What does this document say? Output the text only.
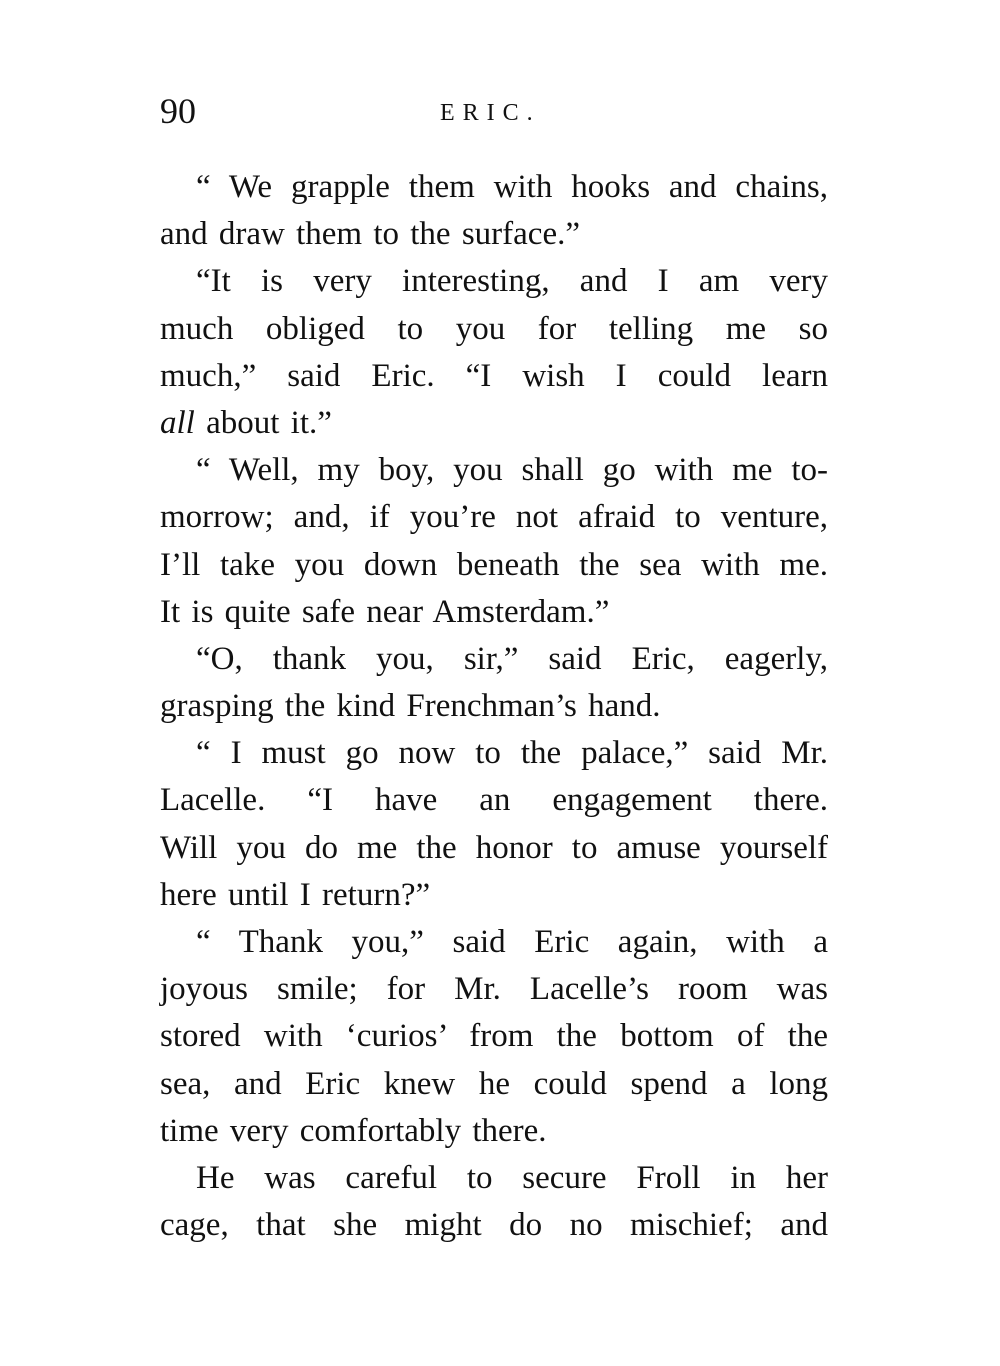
90	ERIC.
“ We grapple them with hooks and chains,
and draw them to the surface.”
“It is very interesting, and I am very
much obliged to you for telling me so
much,” said Eric. “I wish I could learn
all about it.”
“ Well, my boy, you shall go with me to-
morrow; and, if you’re not afraid to venture,
I’ll take you down beneath the sea with me.
It is quite safe near Amsterdam.”
“O, thank you, sir,” said Eric, eagerly,
grasping the kind Frenchman’s hand.
“ I must go now to the palace,” said Mr.
Lacelle. “I have an engagement there.
Will you do me the honor to amuse yourself
here until I return?”
“ Thank you,” said Eric again, with a
joyous smile; for Mr. Lacelle’s room was
stored with ‘curios’ from the bottom of the
sea, and Eric knew he could spend a long
time very comfortably there.
He was careful to secure Froll in her
cage, that she might do no mischief; and
